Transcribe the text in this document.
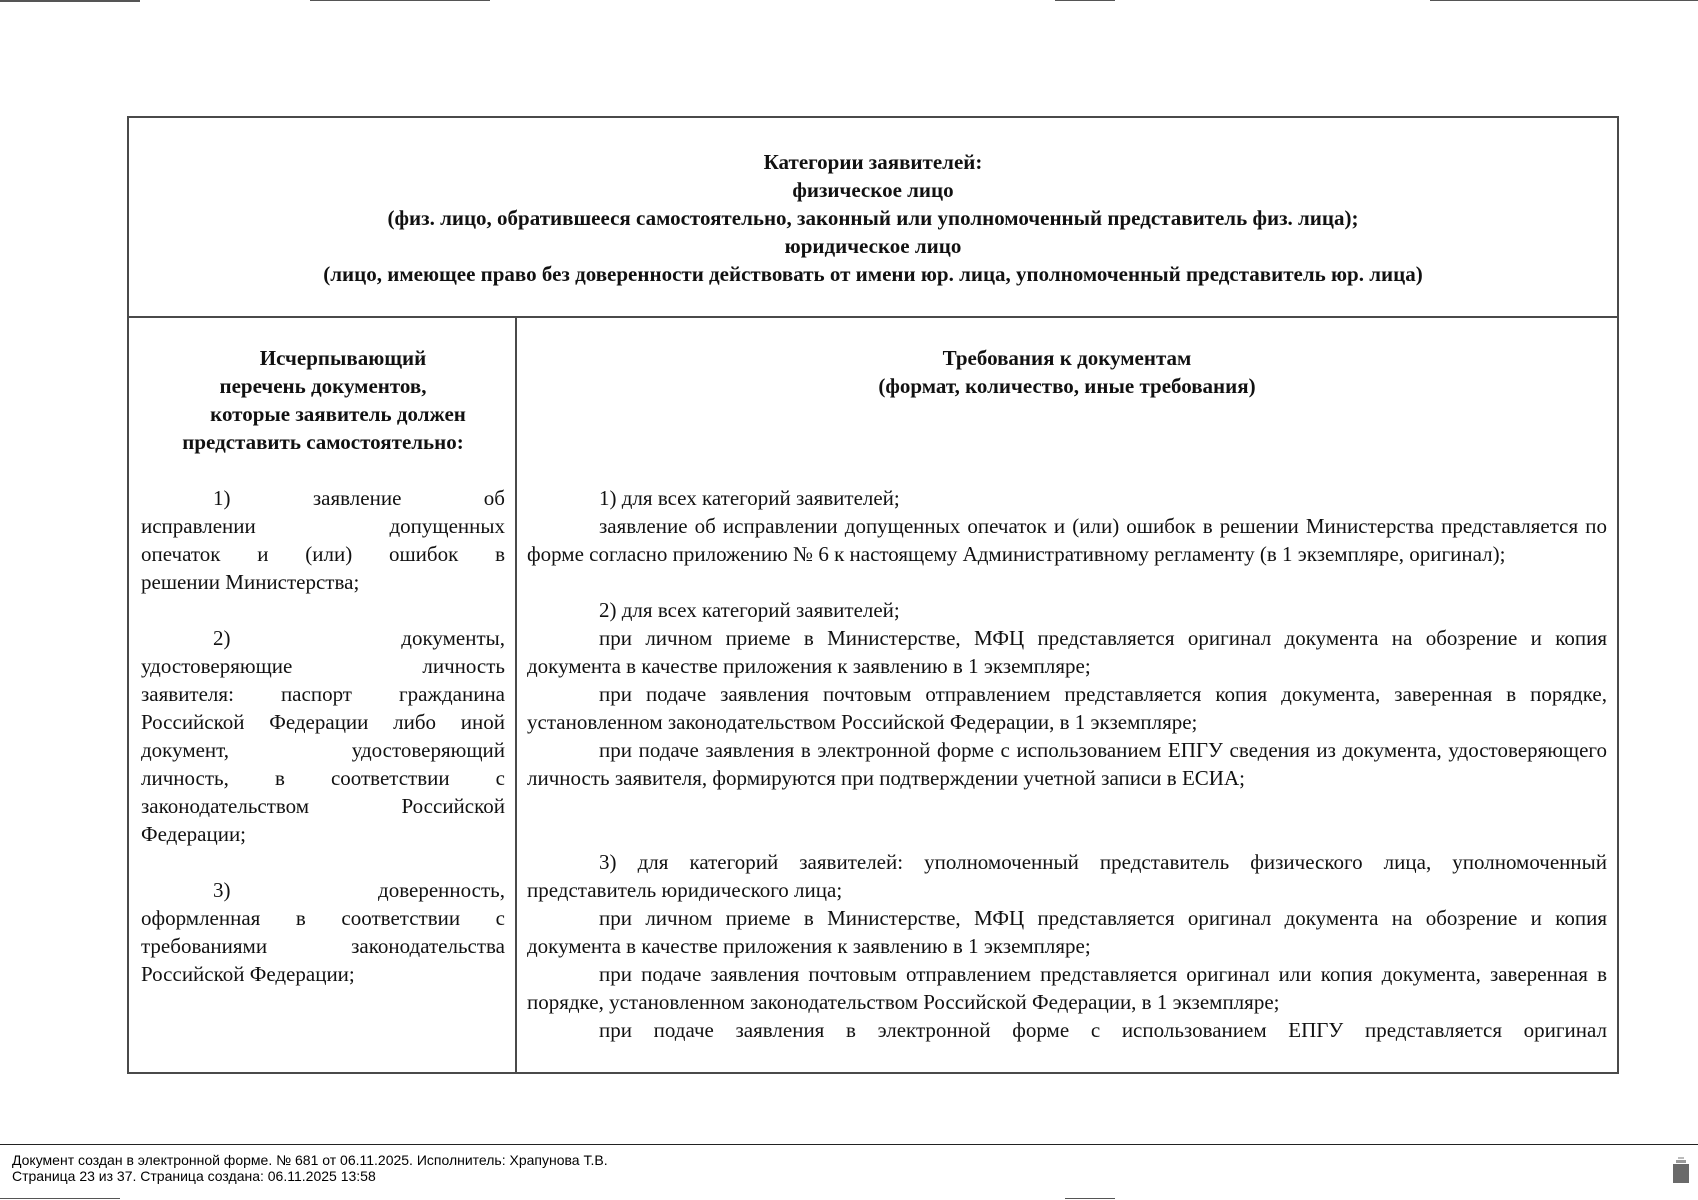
Категории заявителей:
физическое лицо
(физ. лицо, обратившееся самостоятельно, законный или уполномоченный представитель физ. лица);
юридическое лицо
(лицо, имеющее право без доверенности действовать от имени юр. лица, уполномоченный представитель юр. лица)
Исчерпывающий
перечень документов,
которые заявитель должен
представить самостоятельно:
1) заявление об
исправлении допущенных
опечаток и (или) ошибок в
решении Министерства;
2) документы,
удостоверяющие личность
заявителя: паспорт гражданина
Российской Федерации либо иной
документ, удостоверяющий
личность, в соответствии с
законодательством Российской
Федерации;
3) доверенность,
оформленная в соответствии с
требованиями законодательства
Российской Федерации;
Требования к документам
(формат, количество, иные требования)

1) для всех категорий заявителей;

заявление об исправлении допущенных опечаток и (или) ошибок в решении Министерства представляется по форме согласно приложению № 6 к настоящему Административному регламенту (в 1 экземпляре, оригинал);

2) для всех категорий заявителей;

при личном приеме в Министерстве, МФЦ представляется оригинал документа на обозрение и копия документа в качестве приложения к заявлению в 1 экземпляре;

при подаче заявления почтовым отправлением представляется копия документа, заверенная в порядке, установленном законодательством Российской Федерации, в 1 экземпляре;

при подаче заявления в электронной форме с использованием ЕПГУ сведения из документа, удостоверяющего личность заявителя, формируются при подтверждении учетной записи в ЕСИА;

3) для категорий заявителей: уполномоченный представитель физического лица, уполномоченный представитель юридического лица;

при личном приеме в Министерстве, МФЦ представляется оригинал документа на обозрение и копия документа в качестве приложения к заявлению в 1 экземпляре;

при подаче заявления почтовым отправлением представляется оригинал или копия документа, заверенная в порядке, установленном законодательством Российской Федерации, в 1 экземпляре;

при подаче заявления в электронной форме с использованием ЕПГУ представляется оригинал

Документ создан в электронной форме. № 681 от 06.11.2025. Исполнитель: Храпунова Т.В.
Страница 23 из 37. Страница создана: 06.11.2025 13:58
